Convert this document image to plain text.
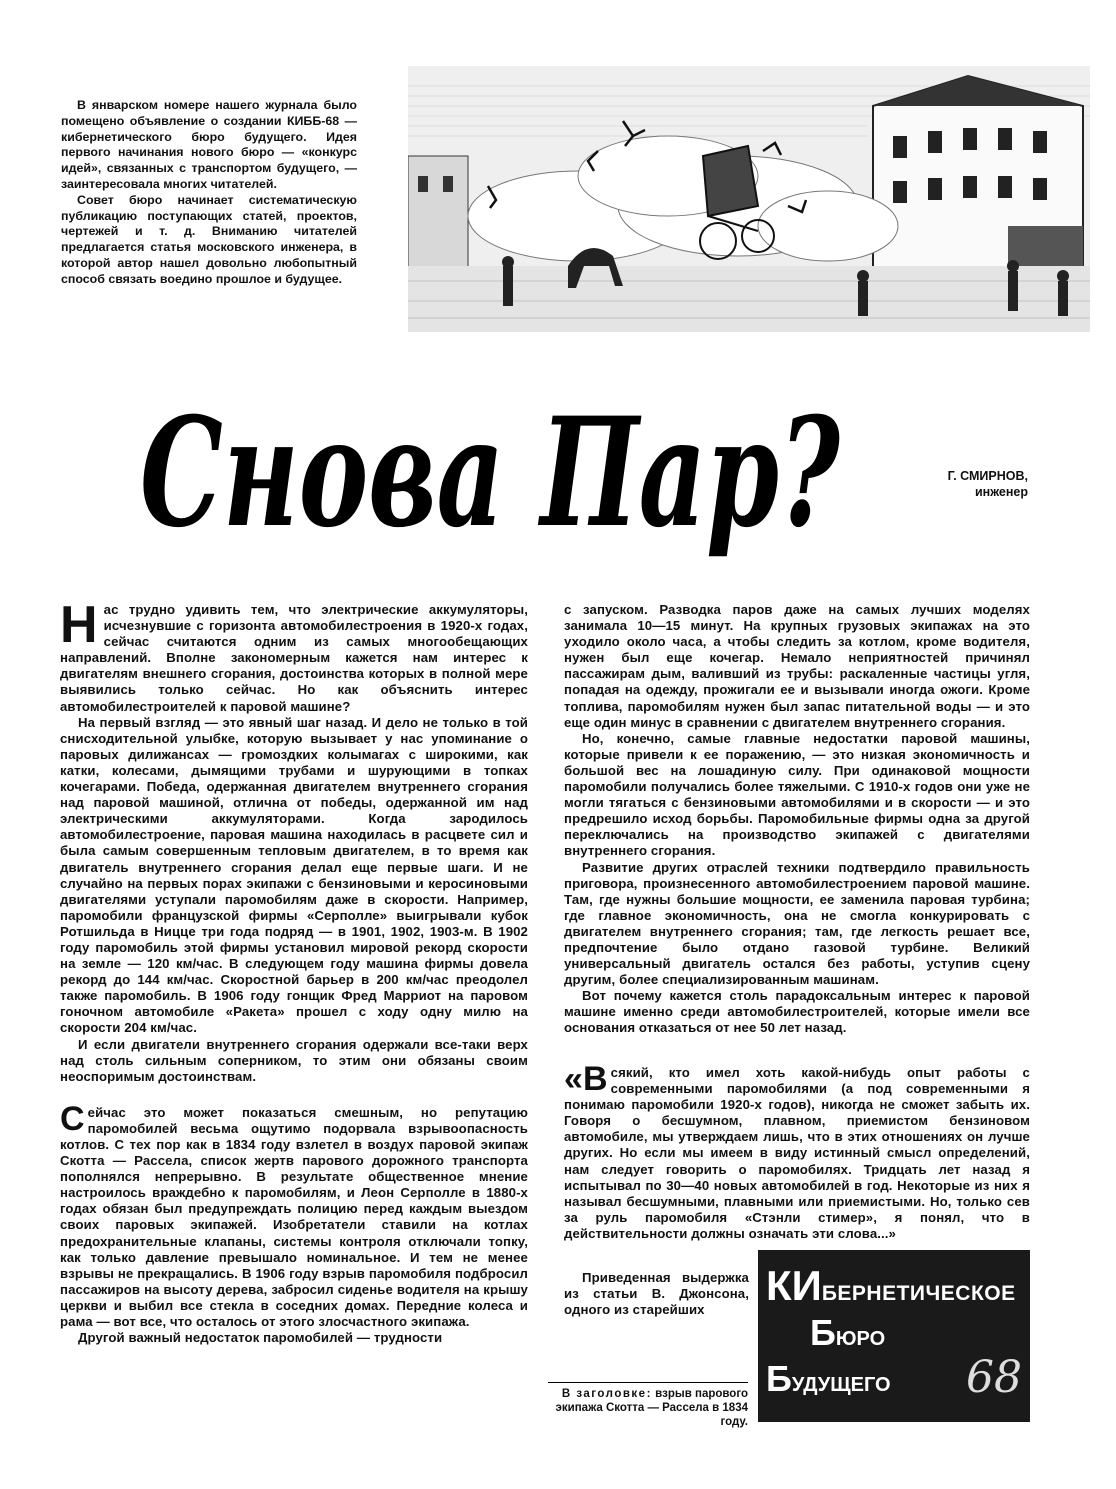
В январском номере нашего журнала было помещено объявление о создании КИББ-68 — кибернетического бюро будущего. Идея первого начинания нового бюро — «конкурс идей», связанных с транспортом будущего, — заинтересовала многих читателей.

Совет бюро начинает систематическую публикацию поступающих статей, проектов, чертежей и т. д. Вниманию читателей предлагается статья московского инженера, в которой автор нашел довольно любопытный способ связать воедино прошлое и будущее.

Снова Пар?	Г. СМИРНОВ,
инженер

Нас трудно удивить тем, что электрические аккумуляторы, исчезнувшие с горизонта автомобилестроения в 1920-х годах, сейчас считаются одним из самых многообещающих направлений. Вполне закономерным кажется нам интерес к двигателям внешнего сгорания, достоинства которых в полной мере выявились только сейчас. Но как объяснить интерес автомобилестроителей к паровой машине?

На первый взгляд — это явный шаг назад. И дело не только в той снисходительной улыбке, которую вызывает у нас упоминание о паровых дилижансах — громоздких колымагах с широкими, как катки, колесами, дымящими трубами и шурующими в топках кочегарами. Победа, одержанная двигателем внутреннего сгорания над паровой машиной, отлична от победы, одержанной им над электрическими аккумуляторами. Когда зародилось автомобилестроение, паровая машина находилась в расцвете сил и была самым совершенным тепловым двигателем, в то время как двигатель внутреннего сгорания делал еще первые шаги. И не случайно на первых порах экипажи с бензиновыми и керосиновыми двигателями уступали паромобилям даже в скорости. Например, паромобили французской фирмы «Серполле» выигрывали кубок Ротшильда в Ницце три года подряд — в 1901, 1902, 1903-м. В 1902 году паромобиль этой фирмы установил мировой рекорд скорости на земле — 120 км/час. В следующем году машина фирмы довела рекорд до 144 км/час. Скоростной барьер в 200 км/час преодолел также паромобиль. В 1906 году гонщик Фред Марриот на паровом гоночном автомобиле «Ракета» прошел с ходу одну милю на скорости 204 км/час.

И если двигатели внутреннего сгорания одержали все-таки верх над столь сильным соперником, то этим они обязаны своим неоспоримым достоинствам.

Сейчас это может показаться смешным, но репутацию паромобилей весьма ощутимо подорвала взрывоопасность котлов. С тех пор как в 1834 году взлетел в воздух паровой экипаж Скотта — Рассела, список жертв парового дорожного транспорта пополнялся непрерывно. В результате общественное мнение настроилось враждебно к паромобилям, и Леон Серполле в 1880-х годах обязан был предупреждать полицию перед каждым выездом своих паровых экипажей. Изобретатели ставили на котлах предохранительные клапаны, системы контроля отключали топку, как только давление превышало номинальное. И тем не менее взрывы не прекращались. В 1906 году взрыв паромобиля подбросил пассажиров на высоту дерева, забросил сиденье водителя на крышу церкви и выбил все стекла в соседних домах. Передние колеса и рама — вот все, что осталось от этого злосчастного экипажа.

Другой важный недостаток паромобилей — трудности

с запуском. Разводка паров даже на самых лучших моделях занимала 10—15 минут. На крупных грузовых экипажах на это уходило около часа, а чтобы следить за котлом, кроме водителя, нужен был еще кочегар. Немало неприятностей причинял пассажирам дым, валивший из трубы: раскаленные частицы угля, попадая на одежду, прожигали ее и вызывали иногда ожоги. Кроме топлива, паромобилям нужен был запас питательной воды — и это еще один минус в сравнении с двигателем внутреннего сгорания.

Но, конечно, самые главные недостатки паровой машины, которые привели к ее поражению, — это низкая экономичность и большой вес на лошадиную силу. При одинаковой мощности паромобили получались более тяжелыми. С 1910-х годов они уже не могли тягаться с бензиновыми автомобилями и в скорости — и это предрешило исход борьбы. Паромобильные фирмы одна за другой переключались на производство экипажей с двигателями внутреннего сгорания.

Развитие других отраслей техники подтвердило правильность приговора, произнесенного автомобилестроением паровой машине. Там, где нужны большие мощности, ее заменила паровая турбина; где главное экономичность, она не смогла конкурировать с двигателем внутреннего сгорания; там, где легкость решает все, предпочтение было отдано газовой турбине. Великий универсальный двигатель остался без работы, уступив сцену другим, более специализированным машинам.

Вот почему кажется столь парадоксальным интерес к паровой машине именно среди автомобилестроителей, которые имели все основания отказаться от нее 50 лет назад.

«Всякий, кто имел хоть какой-нибудь опыт работы с современными паромобилями (а под современными я понимаю паромобили 1920-х годов), никогда не сможет забыть их. Говоря о бесшумном, плавном, приемистом бензиновом автомобиле, мы утверждаем лишь, что в этих отношениях он лучше других. Но если мы имеем в виду истинный смысл определений, нам следует говорить о паромобилях. Тридцать лет назад я испытывал по 30—40 новых автомобилей в год. Некоторые из них я называл бесшумными, плавными или приемистыми. Но, только сев за руль паромобиля «Стэнли стимер», я понял, что в действительности должны означать эти слова...»

Приведенная выдержка из статьи В. Джонсона, одного из старейших
В заголовке: взрыв парового экипажа Скотта — Рассела в 1834 году.
КИБЕРНЕТИЧЕСКОЕ
БЮРО
БУДУЩЕГО 68
